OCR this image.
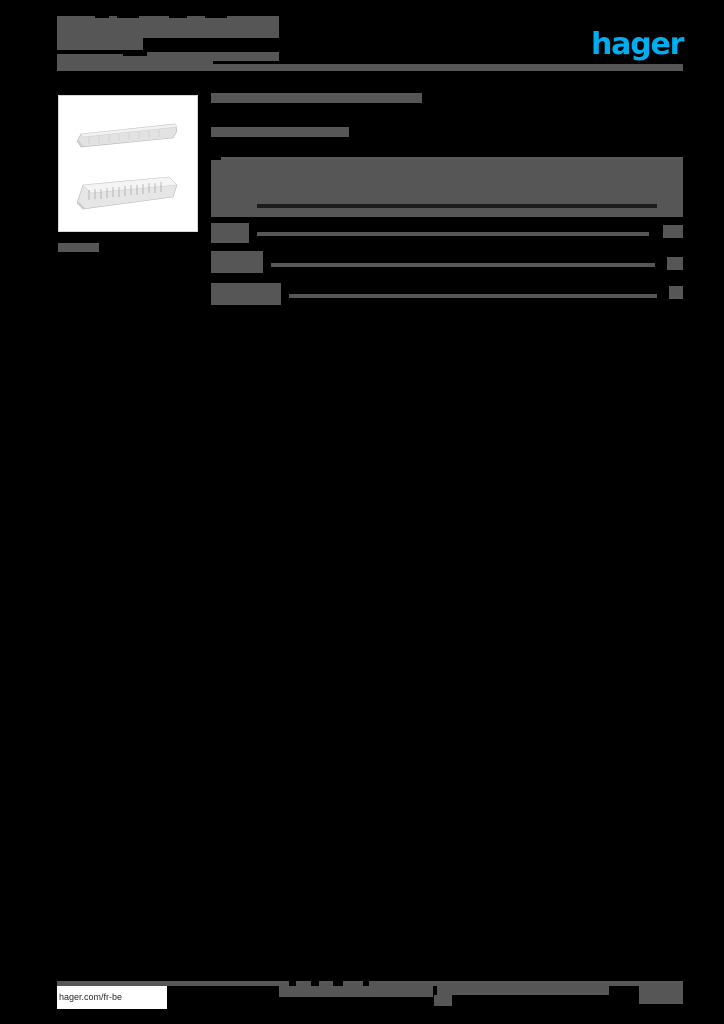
hager
hager.com/fr-be
